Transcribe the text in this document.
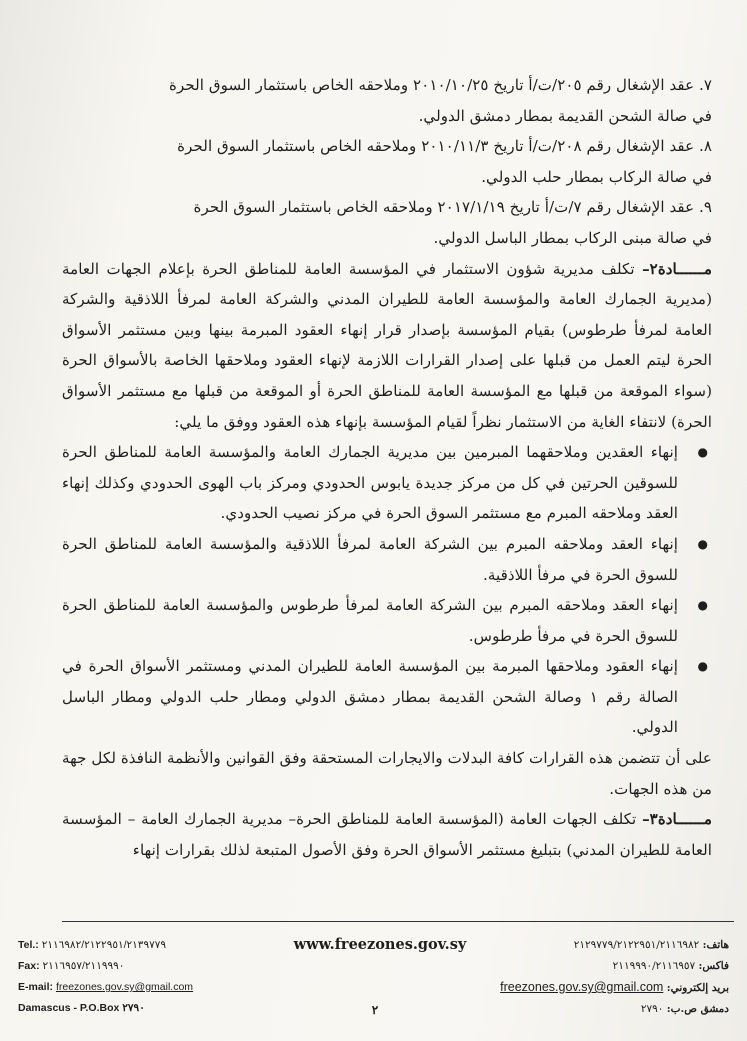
٧. عقد الإشغال رقم ٢٠٥/ت/أ تاريخ ٢٠١٠/١٠/٢٥ وملاحقه الخاص باستثمار السوق الحرة

في صالة الشحن القديمة بمطار دمشق الدولي.

٨. عقد الإشغال رقم ٢٠٨/ت/أ تاريخ ٢٠١٠/١١/٣ وملاحقه الخاص باستثمار السوق الحرة

في صالة الركاب بمطار حلب الدولي.

٩. عقد الإشغال رقم ٧/ت/أ تاريخ ٢٠١٧/١/١٩ وملاحقه الخاص باستثمار السوق الحرة

في صالة مبنى الركاب بمطار الباسل الدولي.

مــــــادة٢– تكلف مديرية شؤون الاستثمار في المؤسسة العامة للمناطق الحرة بإعلام الجهات العامة (مديرية الجمارك العامة والمؤسسة العامة للطيران المدني والشركة العامة لمرفأ اللاذقية والشركة العامة لمرفأ طرطوس) بقيام المؤسسة بإصدار قرار إنهاء العقود المبرمة بينها وبين مستثمر الأسواق الحرة ليتم العمل من قبلها على إصدار القرارات اللازمة لإنهاء العقود وملاحقها الخاصة بالأسواق الحرة (سواء الموقعة من قبلها مع المؤسسة العامة للمناطق الحرة أو الموقعة من قبلها مع مستثمر الأسواق الحرة) لانتفاء الغاية من الاستثمار نظراً لقيام المؤسسة بإنهاء هذه العقود ووفق ما يلي:

● إنهاء العقدين وملاحقهما المبرمين بين مديرية الجمارك العامة والمؤسسة العامة للمناطق الحرة للسوقين الحرتين في كل من مركز جديدة يابوس الحدودي ومركز باب الهوى الحدودي وكذلك إنهاء العقد وملاحقه المبرم مع مستثمر السوق الحرة في مركز نصيب الحدودي.
● إنهاء العقد وملاحقه المبرم بين الشركة العامة لمرفأ اللاذقية والمؤسسة العامة للمناطق الحرة للسوق الحرة في مرفأ اللاذقية.
● إنهاء العقد وملاحقه المبرم بين الشركة العامة لمرفأ طرطوس والمؤسسة العامة للمناطق الحرة للسوق الحرة في مرفأ طرطوس.
● إنهاء العقود وملاحقها المبرمة بين المؤسسة العامة للطيران المدني ومستثمر الأسواق الحرة في الصالة رقم ١ وصالة الشحن القديمة بمطار دمشق الدولي ومطار حلب الدولي ومطار الباسل الدولي.

على أن تتضمن هذه القرارات كافة البدلات والايجارات المستحقة وفق القوانين والأنظمة النافذة لكل جهة من هذه الجهات.

مــــــادة٣– تكلف الجهات العامة (المؤسسة العامة للمناطق الحرة– مديرية الجمارك العامة – المؤسسة العامة للطيران المدني) بتبليغ مستثمر الأسواق الحرة وفق الأصول المتبعة لذلك بقرارات إنهاء

Tel.: ٢١١٦٩٨٢/٢١٢٢٩٥١/٢١٣٩٧٧٩
Fax: ٢١١٦٩٥٧/٢١١٩٩٩٠
E-mail: freezones.gov.sy@gmail.com
Damascus - P.O.Box ٢٧٩٠
www.freezones.gov.sy
٢
هاتف: ٢١٢٩٧٧٩/٢١٢٢٩٥١/٢١١٦٩٨٢
فاكس: ٢١١٩٩٩٠/٢١١٦٩٥٧
بريد إلكتروني: freezones.gov.sy@gmail.com
دمشق ص.ب: ٢٧٩٠
